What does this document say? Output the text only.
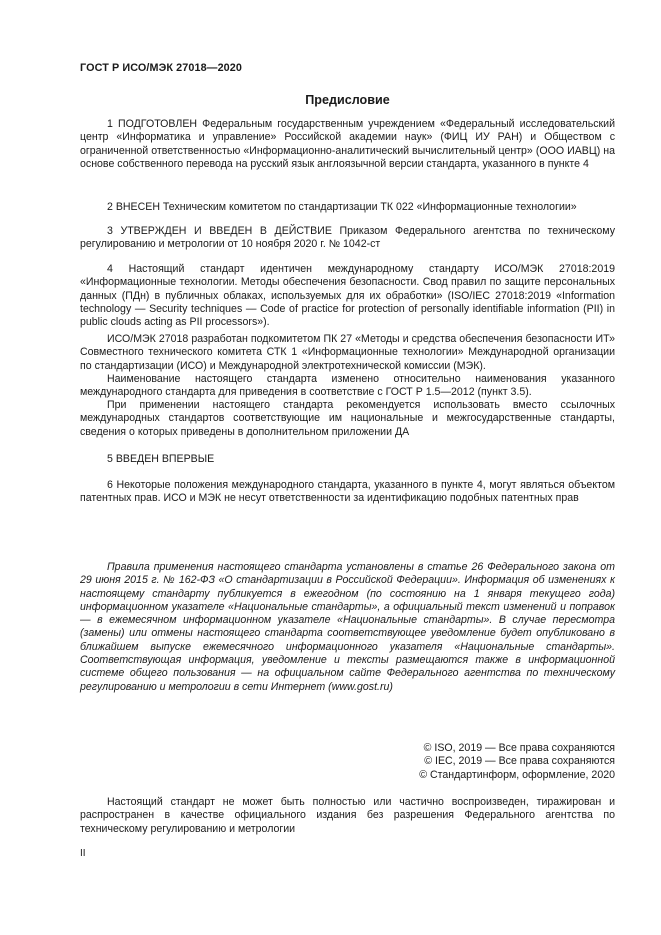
ГОСТ Р ИСО/МЭК 27018—2020
Предисловие

1 ПОДГОТОВЛЕН Федеральным государственным учреждением «Федеральный исследовательский центр «Информатика и управление» Российской академии наук» (ФИЦ ИУ РАН) и Обществом с ограниченной ответственностью «Информационно-аналитический вычислительный центр» (ООО ИАВЦ) на основе собственного перевода на русский язык англоязычной версии стандарта, указанного в пункте 4

2 ВНЕСЕН Техническим комитетом по стандартизации ТК 022 «Информационные технологии»

3 УТВЕРЖДЕН И ВВЕДЕН В ДЕЙСТВИЕ Приказом Федерального агентства по техническому регулированию и метрологии от 10 ноября 2020 г. № 1042-ст

4 Настоящий стандарт идентичен международному стандарту ИСО/МЭК 27018:2019 «Информационные технологии. Методы обеспечения безопасности. Свод правил по защите персональных данных (ПДн) в публичных облаках, используемых для их обработки» (ISO/IEC 27018:2019 «Information technology — Security techniques — Code of practice for protection of personally identifiable information (PII) in public clouds acting as PII processors»).

ИСО/МЭК 27018 разработан подкомитетом ПК 27 «Методы и средства обеспечения безопасности ИТ» Совместного технического комитета СТК 1 «Информационные технологии» Международной организации по стандартизации (ИСО) и Международной электротехнической комиссии (МЭК).

Наименование настоящего стандарта изменено относительно наименования указанного международного стандарта для приведения в соответствие с ГОСТ Р 1.5—2012 (пункт 3.5).

При применении настоящего стандарта рекомендуется использовать вместо ссылочных международных стандартов соответствующие им национальные и межгосударственные стандарты, сведения о которых приведены в дополнительном приложении ДА

5 ВВЕДЕН ВПЕРВЫЕ

6 Некоторые положения международного стандарта, указанного в пункте 4, могут являться объектом патентных прав. ИСО и МЭК не несут ответственности за идентификацию подобных патентных прав

Правила применения настоящего стандарта установлены в статье 26 Федерального закона от 29 июня 2015 г. № 162-ФЗ «О стандартизации в Российской Федерации». Информация об изменениях к настоящему стандарту публикуется в ежегодном (по состоянию на 1 января текущего года) информационном указателе «Национальные стандарты», а официальный текст изменений и поправок — в ежемесячном информационном указателе «Национальные стандарты». В случае пересмотра (замены) или отмены настоящего стандарта соответствующее уведомление будет опубликовано в ближайшем выпуске ежемесячного информационного указателя «Национальные стандарты». Соответствующая информация, уведомление и тексты размещаются также в информационной системе общего пользования — на официальном сайте Федерального агентства по техническому регулированию и метрологии в сети Интернет (www.gost.ru)

© ISO, 2019 — Все права сохраняются
© IEC, 2019 — Все права сохраняются
© Стандартинформ, оформление, 2020

Настоящий стандарт не может быть полностью или частично воспроизведен, тиражирован и распространен в качестве официального издания без разрешения Федерального агентства по техническому регулированию и метрологии

II
